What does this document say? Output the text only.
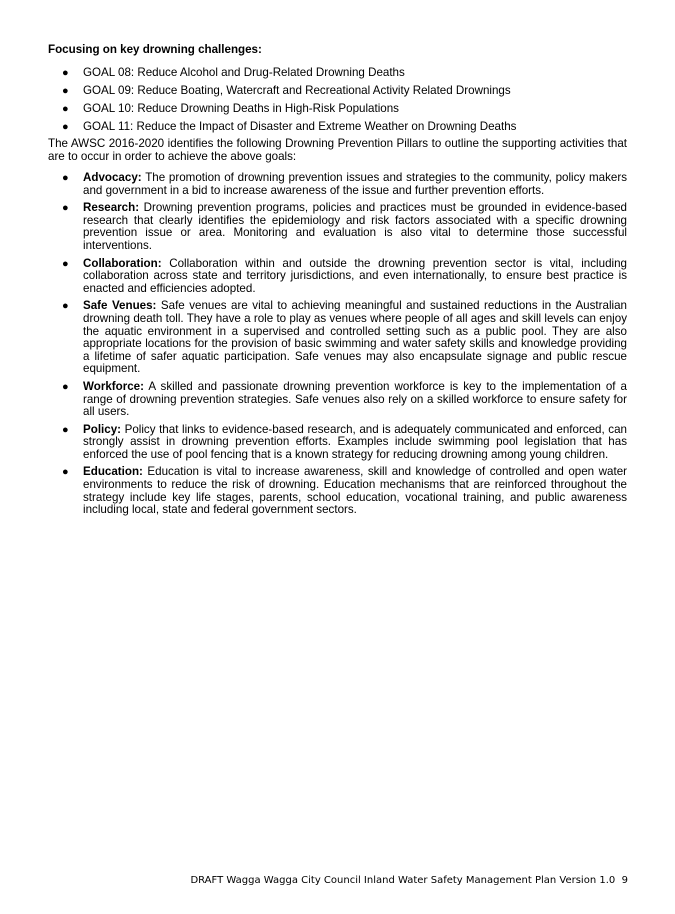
Focusing on key drowning challenges:

● GOAL 08: Reduce Alcohol and Drug-Related Drowning Deaths
● GOAL 09: Reduce Boating, Watercraft and Recreational Activity Related Drownings
● GOAL 10: Reduce Drowning Deaths in High-Risk Populations
● GOAL 11: Reduce the Impact of Disaster and Extreme Weather on Drowning Deaths

The AWSC 2016-2020 identifies the following Drowning Prevention Pillars to outline the supporting activities that are to occur in order to achieve the above goals:

● Advocacy: The promotion of drowning prevention issues and strategies to the community, policy makers and government in a bid to increase awareness of the issue and further prevention efforts.
● Research: Drowning prevention programs, policies and practices must be grounded in evidence-based research that clearly identifies the epidemiology and risk factors associated with a specific drowning prevention issue or area. Monitoring and evaluation is also vital to determine those successful interventions.
● Collaboration: Collaboration within and outside the drowning prevention sector is vital, including collaboration across state and territory jurisdictions, and even internationally, to ensure best practice is enacted and efficiencies adopted.
● Safe Venues: Safe venues are vital to achieving meaningful and sustained reductions in the Australian drowning death toll. They have a role to play as venues where people of all ages and skill levels can enjoy the aquatic environment in a supervised and controlled setting such as a public pool. They are also appropriate locations for the provision of basic swimming and water safety skills and knowledge providing a lifetime of safer aquatic participation. Safe venues may also encapsulate signage and public rescue equipment.
● Workforce: A skilled and passionate drowning prevention workforce is key to the implementation of a range of drowning prevention strategies. Safe venues also rely on a skilled workforce to ensure safety for all users.
● Policy: Policy that links to evidence-based research, and is adequately communicated and enforced, can strongly assist in drowning prevention efforts. Examples include swimming pool legislation that has enforced the use of pool fencing that is a known strategy for reducing drowning among young children.
● Education: Education is vital to increase awareness, skill and knowledge of controlled and open water environments to reduce the risk of drowning. Education mechanisms that are reinforced throughout the strategy include key life stages, parents, school education, vocational training, and public awareness including local, state and federal government sectors.
DRAFT Wagga Wagga City Council Inland Water Safety Management Plan Version 1.0 9
